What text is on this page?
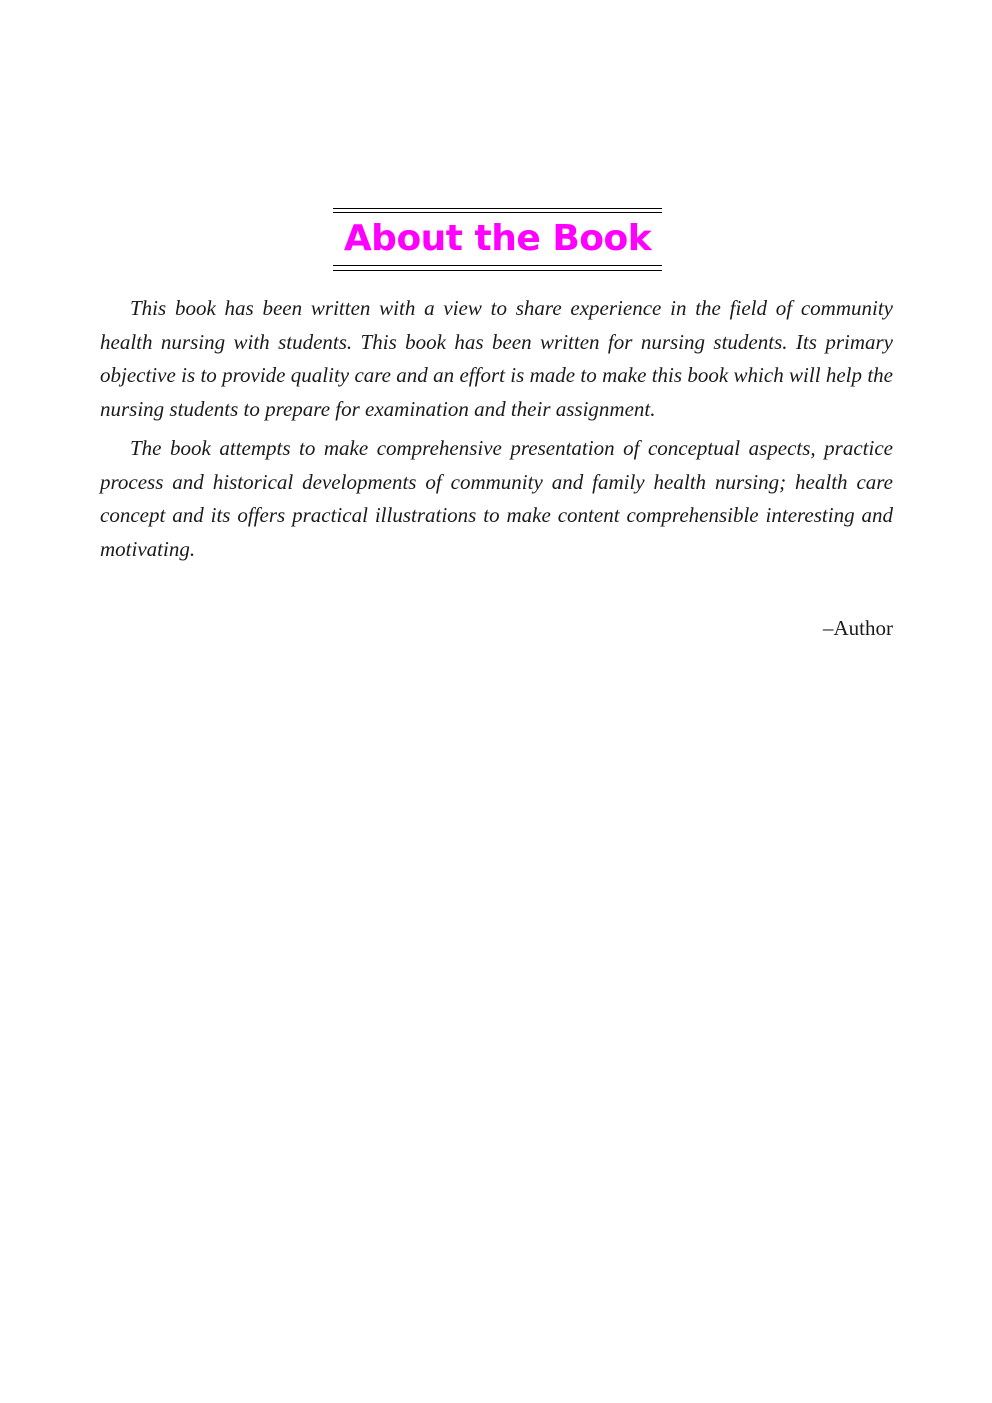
About the Book

This book has been written with a view to share experience in the field of community health nursing with students. This book has been written for nursing students. Its primary objective is to provide quality care and an effort is made to make this book which will help the nursing students to prepare for examination and their assignment.

The book attempts to make comprehensive presentation of conceptual aspects, practice process and historical developments of community and family health nursing; health care concept and its offers practical illustrations to make content comprehensible interesting and motivating.

–Author
